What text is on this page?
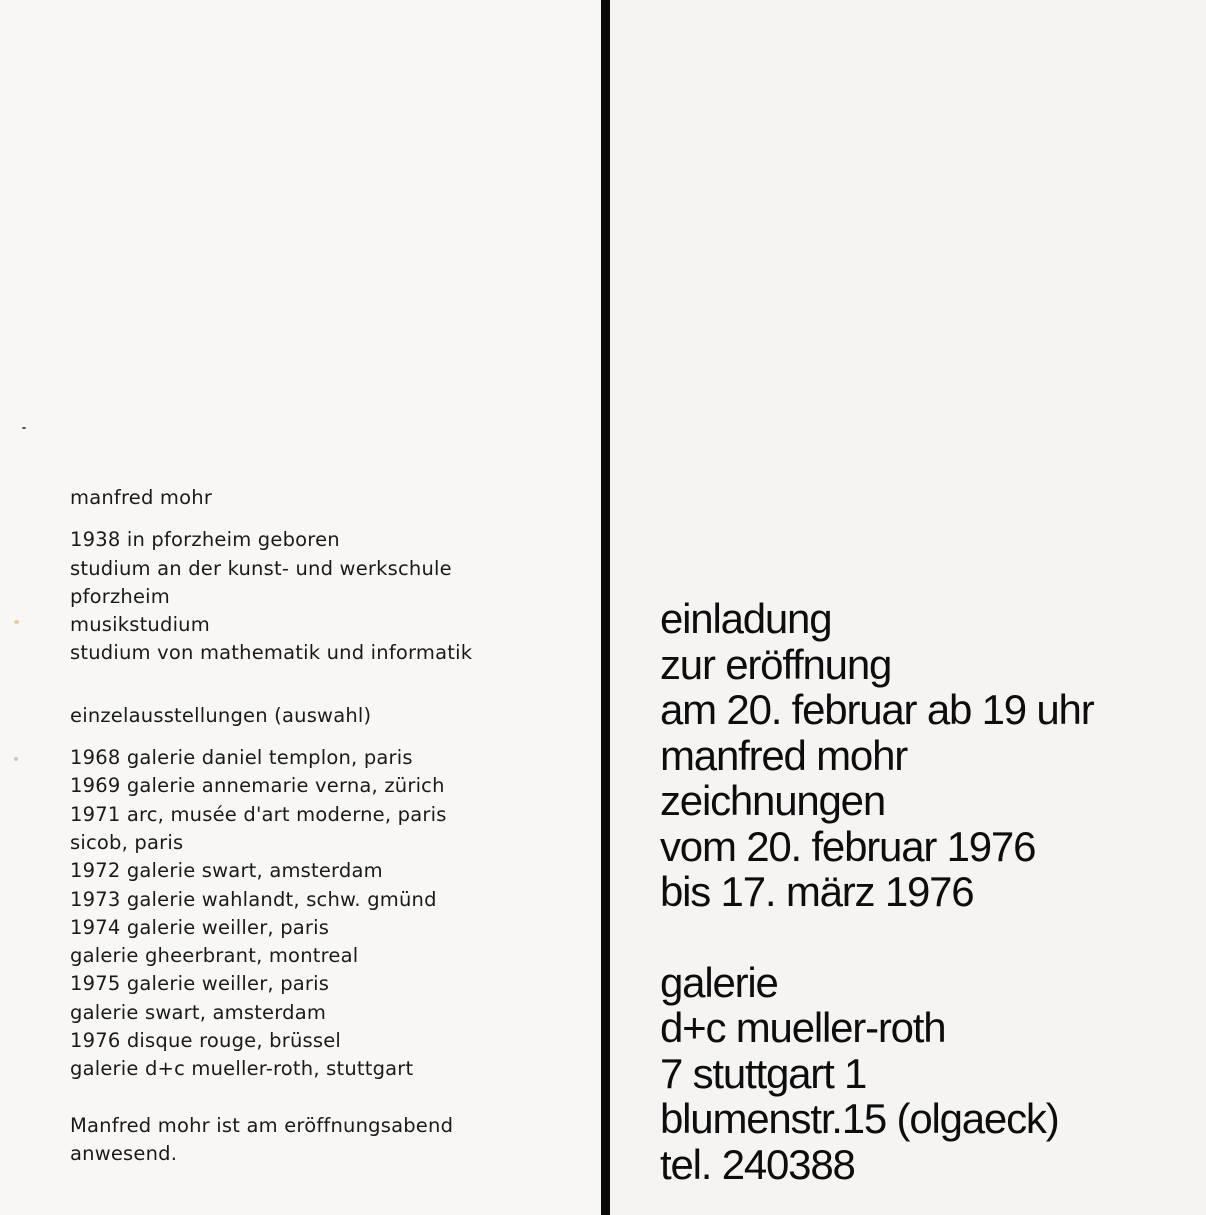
manfred mohr
1938 in pforzheim geboren
studium an der kunst- und werkschule
pforzheim
musikstudium
studium von mathematik und informatik
einzelausstellungen (auswahl)
1968 galerie daniel templon, paris
1969 galerie annemarie verna, zürich
1971 arc, musée d'art moderne, paris
sicob, paris
1972 galerie swart, amsterdam
1973 galerie wahlandt, schw. gmünd
1974 galerie weiller, paris
galerie gheerbrant, montreal
1975 galerie weiller, paris
galerie swart, amsterdam
1976 disque rouge, brüssel
galerie d+c mueller-roth, stuttgart
Manfred mohr ist am eröffnungsabend
anwesend.
einladung
zur eröffnung
am 20. februar ab 19 uhr
manfred mohr
zeichnungen
vom 20. februar 1976
bis 17. märz 1976
galerie
d+c mueller-roth
7 stuttgart 1
blumenstr.15 (olgaeck)
tel. 240388
